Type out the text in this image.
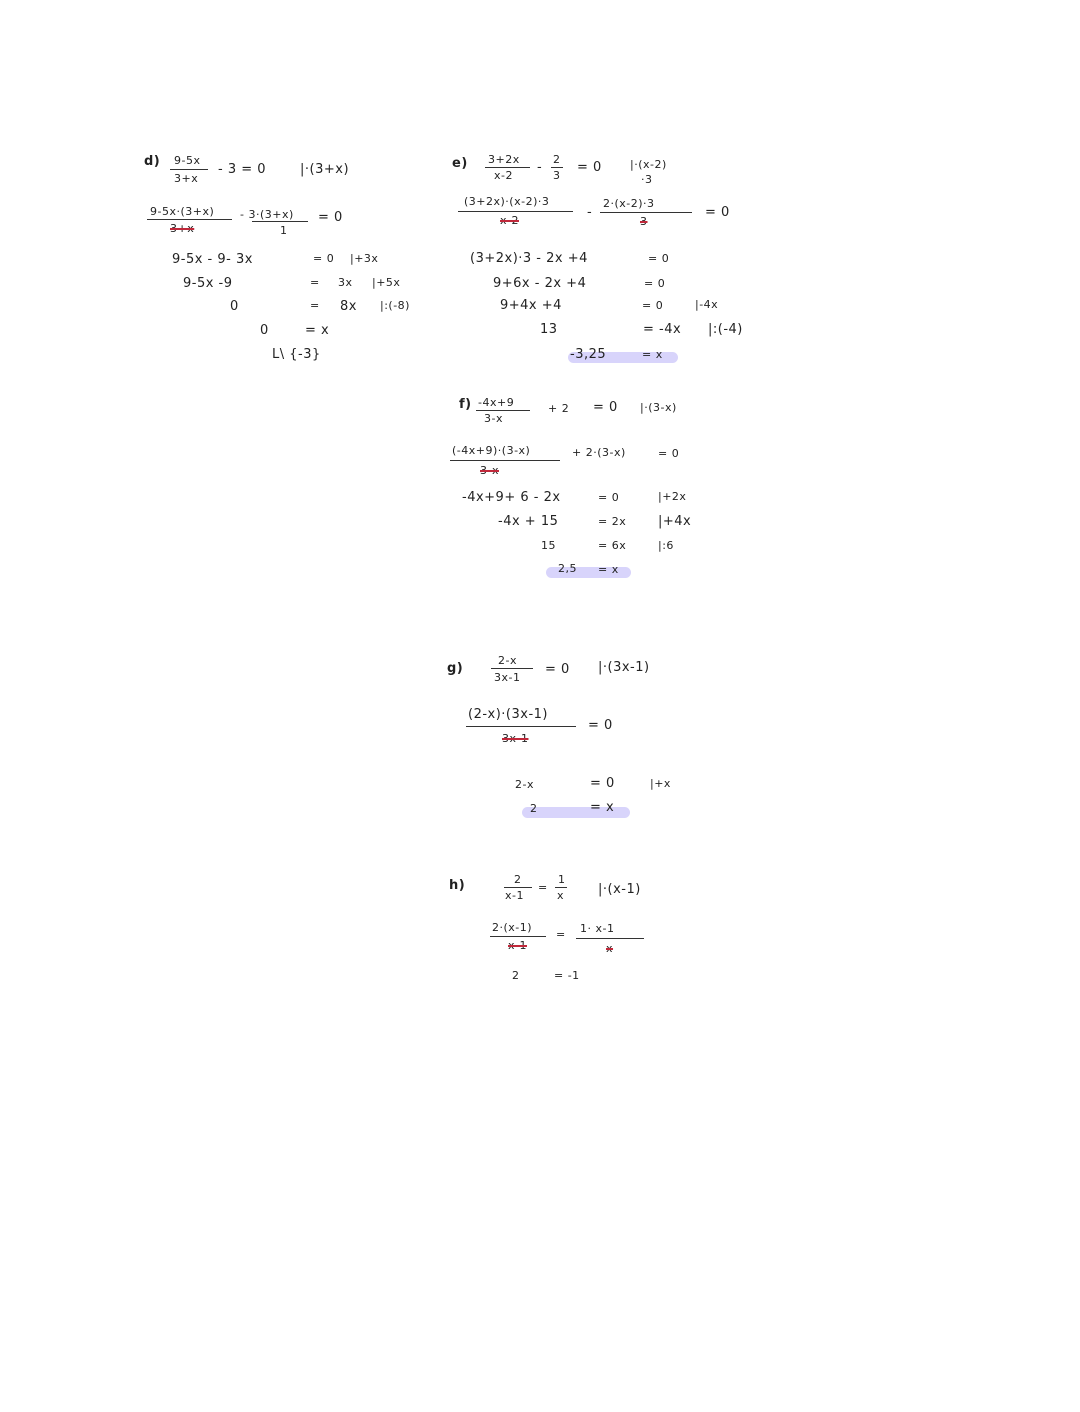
d) 9-5x
3+x
- 3 = 0	|·(3+x)
9-5x·(3+x)
3+x
- 3·(3+x)
1
= 0
9-5x - 9- 3x	= 0 |+3x
9-5x -9	= 3x |+5x
0	= 8x |:(-8)
0	= x
L\ {-3}
e) 3+2x
x-2
-
2
3
= 0	|·(x-2)
·3
(3+2x)·(x-2)·3
x-2
-
2·(x-2)·3
3
= 0
(3+2x)·3 - 2x +4	= 0
9+6x - 2x +4	= 0
9+4x +4	= 0	|-4x
13	= -4x |:(-4)
-3,25	= x
f) -4x+9
3-x
+ 2 = 0 |·(3-x)
(-4x+9)·(3-x)
3-x
+ 2·(3-x)	= 0
-4x+9+ 6 - 2x	= 0	|+2x
-4x + 15	= 2x |+4x
15	= 6x	|:6
2,5 = x
g)
2-x
3x-1
= 0 |·(3x-1)
(2-x)·(3x-1)
3x-1
= 0
2-x	= 0	|+x
2	= x
h)	2
x-1
=
1
x	|·(x-1)
2·(x-1)
x-1
= 1· x-1
x
2	= -1
